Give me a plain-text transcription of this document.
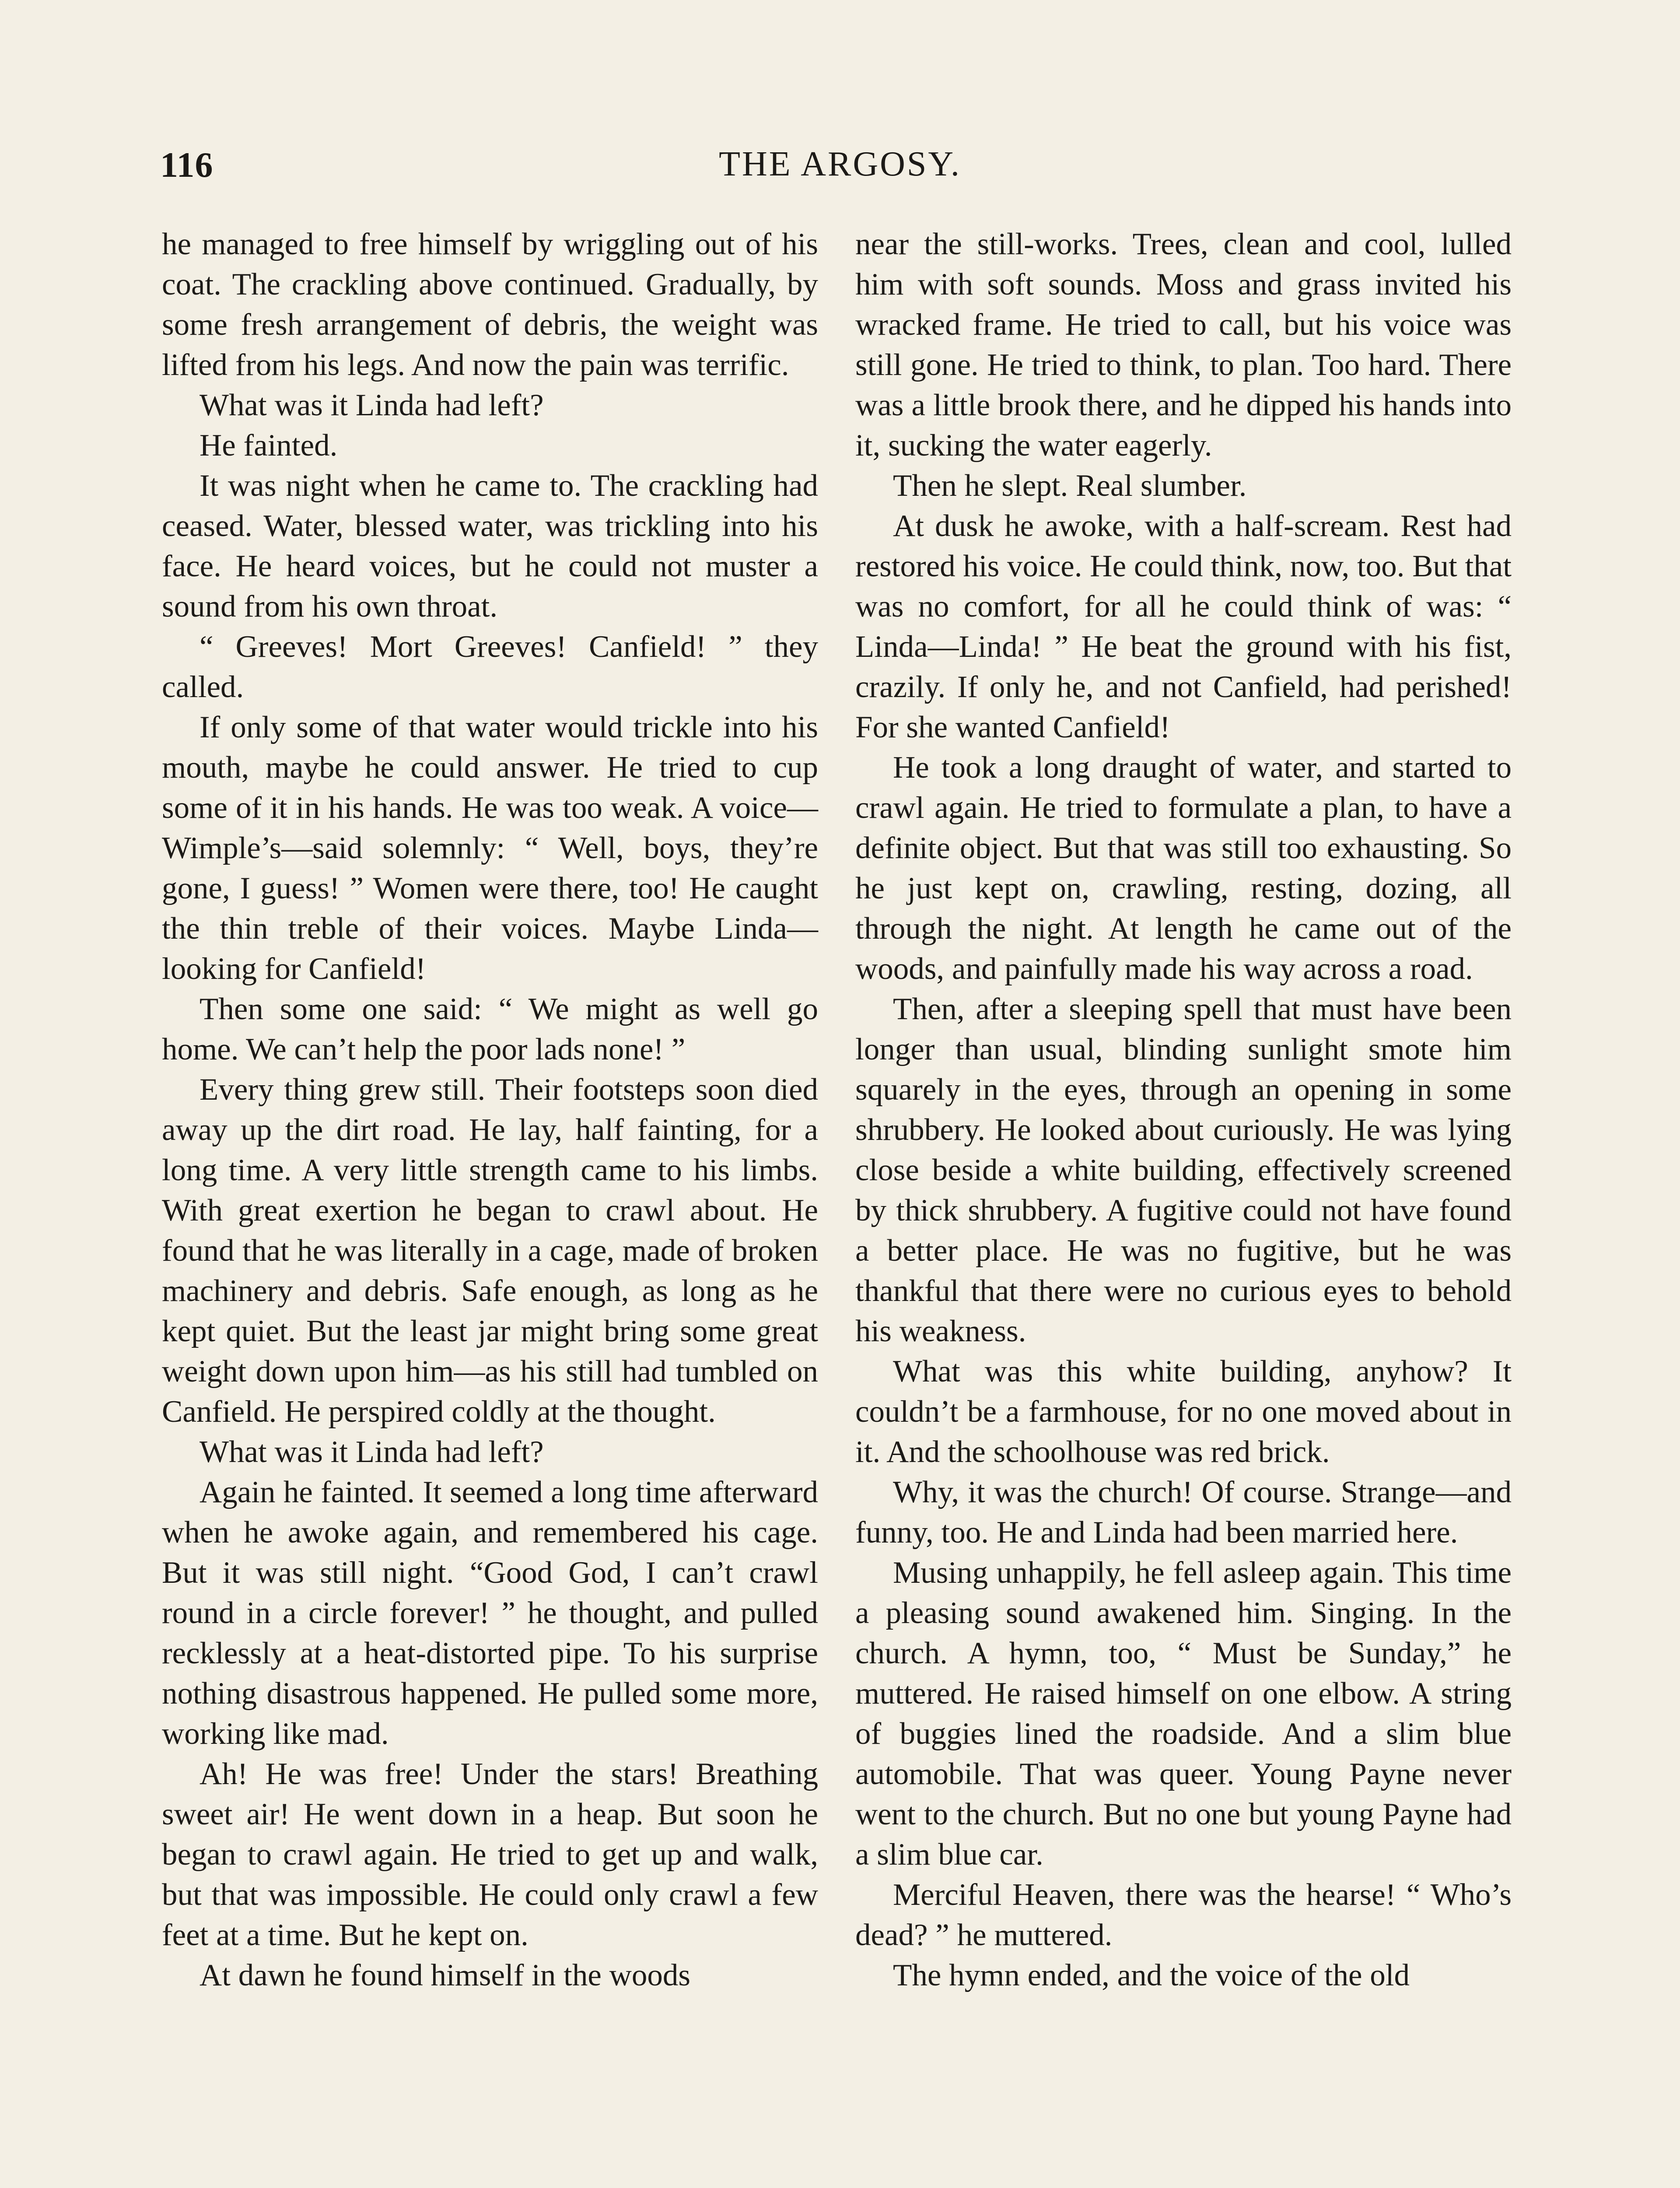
116	THE ARGOSY.

he managed to free himself by wriggling out of his coat. The crackling above continued. Gradually, by some fresh arrangement of debris, the weight was lifted from his legs. And now the pain was terrific.

What was it Linda had left?

He fainted.

It was night when he came to. The crackling had ceased. Water, blessed water, was trickling into his face. He heard voices, but he could not muster a sound from his own throat.

“ Greeves! Mort Greeves! Canfield! ” they called.

If only some of that water would trickle into his mouth, maybe he could answer. He tried to cup some of it in his hands. He was too weak. A voice—Wimple’s—said solemnly: “ Well, boys, they’re gone, I guess! ” Women were there, too! He caught the thin treble of their voices. Maybe Linda—looking for Canfield!

Then some one said: “ We might as well go home. We can’t help the poor lads none! ”

Every thing grew still. Their footsteps soon died away up the dirt road. He lay, half fainting, for a long time. A very little strength came to his limbs. With great exertion he began to crawl about. He found that he was literally in a cage, made of broken machinery and debris. Safe enough, as long as he kept quiet. But the least jar might bring some great weight down upon him—as his still had tumbled on Canfield. He perspired coldly at the thought.

What was it Linda had left?

Again he fainted. It seemed a long time afterward when he awoke again, and remembered his cage. But it was still night. “Good God, I can’t crawl round in a circle forever! ” he thought, and pulled recklessly at a heat-distorted pipe. To his surprise nothing disastrous happened. He pulled some more, working like mad.

Ah! He was free! Under the stars! Breathing sweet air! He went down in a heap. But soon he began to crawl again. He tried to get up and walk, but that was impossible. He could only crawl a few feet at a time. But he kept on.

At dawn he found himself in the woods

near the still-works. Trees, clean and cool, lulled him with soft sounds. Moss and grass invited his wracked frame. He tried to call, but his voice was still gone. He tried to think, to plan. Too hard. There was a little brook there, and he dipped his hands into it, sucking the water eagerly.

Then he slept. Real slumber.

At dusk he awoke, with a half-scream. Rest had restored his voice. He could think, now, too. But that was no comfort, for all he could think of was: “ Linda—Linda! ” He beat the ground with his fist, crazily. If only he, and not Canfield, had perished! For she wanted Canfield!

He took a long draught of water, and started to crawl again. He tried to formulate a plan, to have a definite object. But that was still too exhausting. So he just kept on, crawling, resting, dozing, all through the night. At length he came out of the woods, and painfully made his way across a road.

Then, after a sleeping spell that must have been longer than usual, blinding sunlight smote him squarely in the eyes, through an opening in some shrubbery. He looked about curiously. He was lying close beside a white building, effectively screened by thick shrubbery. A fugitive could not have found a better place. He was no fugitive, but he was thankful that there were no curious eyes to behold his weakness.

What was this white building, anyhow? It couldn’t be a farmhouse, for no one moved about in it. And the schoolhouse was red brick.

Why, it was the church! Of course. Strange—and funny, too. He and Linda had been married here.

Musing unhappily, he fell asleep again. This time a pleasing sound awakened him. Singing. In the church. A hymn, too, “ Must be Sunday,” he muttered. He raised himself on one elbow. A string of buggies lined the roadside. And a slim blue automobile. That was queer. Young Payne never went to the church. But no one but young Payne had a slim blue car.

Merciful Heaven, there was the hearse! “ Who’s dead? ” he muttered.

The hymn ended, and the voice of the old
